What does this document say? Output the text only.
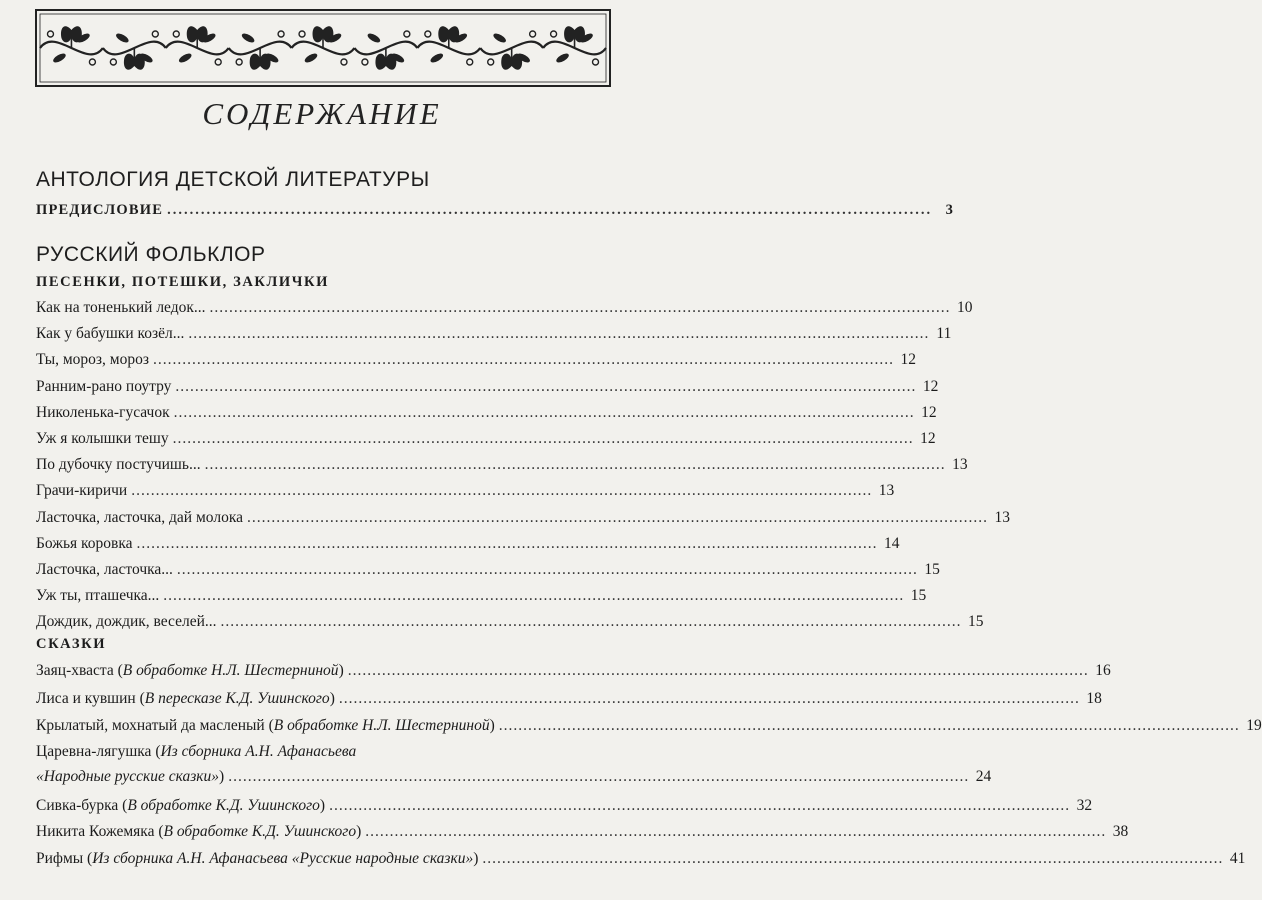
СОДЕРЖАНИЕ
АНТОЛОГИЯ ДЕТСКОЙ ЛИТЕРАТУРЫ
ПРЕДИСЛОВИЕ ........................................................................................................................................ 3
РУССКИЙ ФОЛЬКЛОР
ПЕСЕНКИ, ПОТЕШКИ, ЗАКЛИЧКИ
Как на тоненький ледок... ........................................................................................................................................................ 10
Как у бабушки козёл... ........................................................................................................................................................ 11
Ты, мороз, мороз ........................................................................................................................................................ 12
Ранним-рано поутру ........................................................................................................................................................ 12
Николенька-гусачок ........................................................................................................................................................ 12
Уж я колышки тешу ........................................................................................................................................................ 12
По дубочку постучишь... ........................................................................................................................................................ 13
Грачи-киричи ........................................................................................................................................................ 13
Ласточка, ласточка, дай молока ........................................................................................................................................................ 13
Божья коровка ........................................................................................................................................................ 14
Ласточка, ласточка... ........................................................................................................................................................ 15
Уж ты, пташечка... ........................................................................................................................................................ 15
Дождик, дождик, веселей... ........................................................................................................................................................ 15
СКАЗКИ
Заяц-хваста (В обработке Н.Л. Шестерниной) ........................................................................................................................................................ 16
Лиса и кувшин (В пересказе К.Д. Ушинского) ........................................................................................................................................................ 18
Крылатый, мохнатый да масленый (В обработке Н.Л. Шестерниной) ........................................................................................................................................................ 19
Царевна-лягушка (Из сборника А.Н. Афанасьева
«Народные русские сказки») ........................................................................................................................................................ 24
Сивка-бурка (В обработке К.Д. Ушинского) ........................................................................................................................................................ 32
Никита Кожемяка (В обработке К.Д. Ушинского) ........................................................................................................................................................ 38
Рифмы (Из сборника А.Н. Афанасьева «Русские народные сказки») ........................................................................................................................................................ 41
